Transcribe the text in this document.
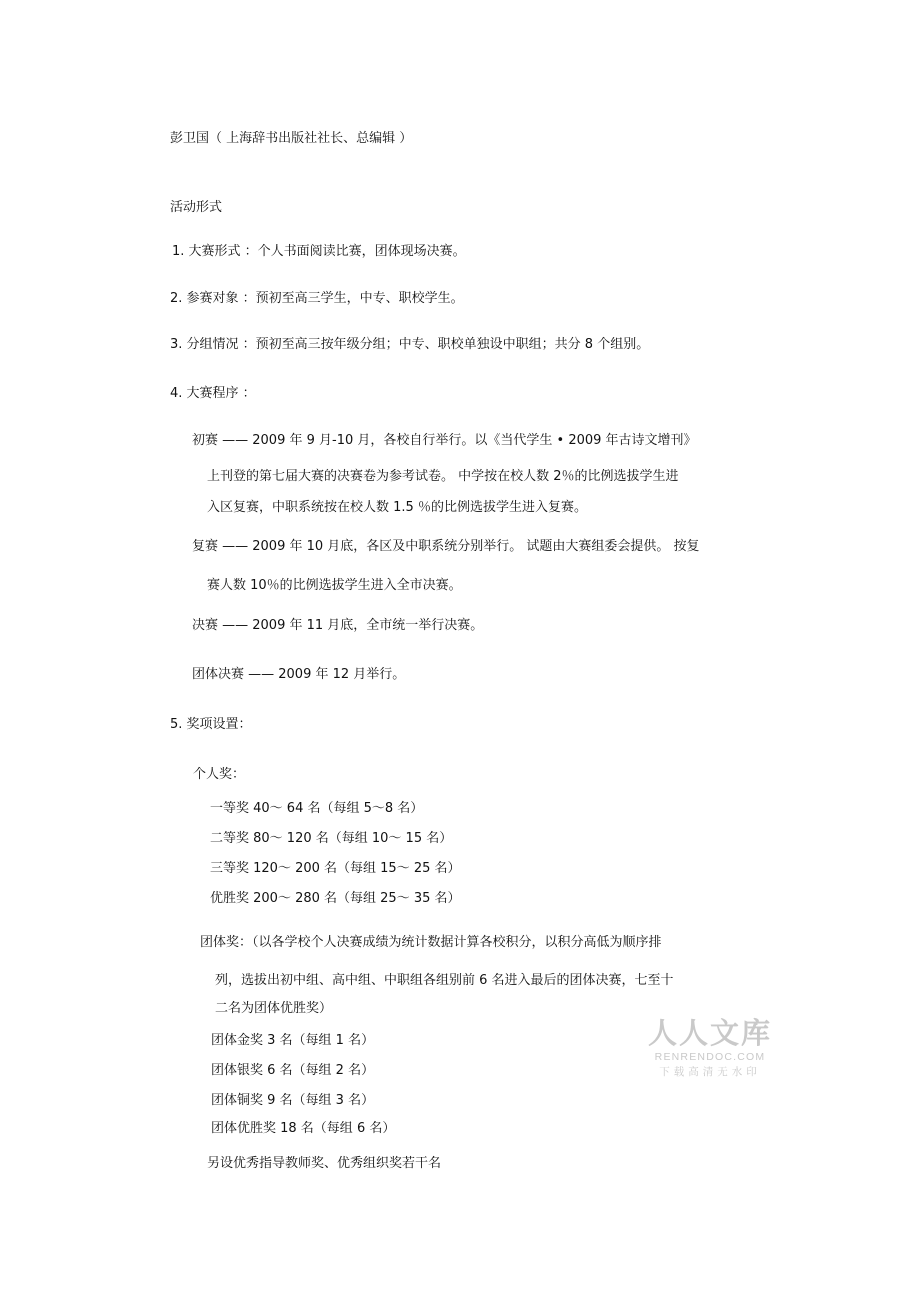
彭卫国（ 上海辞书出版社社长、总编辑 ）
活动形式
1. 大赛形式 ：个人书面阅读比赛，团体现场决赛。
2. 参赛对象 ：预初至高三学生，中专、职校学生。
3. 分组情况 ：预初至高三按年级分组；中专、职校单独设中职组；共分 8 个组别。
4. 大赛程序 ：
初赛 —— 2009 年 9 月-10 月，各校自行举行。以《当代学生 • 2009 年古诗文增刊》
上刊登的第七届大赛的决赛卷为参考试卷。 中学按在校人数 2％的比例选拔学生进
入区复赛，中职系统按在校人数 1.5 ％的比例选拔学生进入复赛。
复赛 —— 2009 年 10 月底，各区及中职系统分别举行。 试题由大赛组委会提供。 按复
赛人数 10％的比例选拔学生进入全市决赛。
决赛 —— 2009 年 11 月底，全市统一举行决赛。
团体决赛 —— 2009 年 12 月举行。
5. 奖项设置：
个人奖：
一等奖 40～ 64 名（每组 5～8 名）
二等奖 80～ 120 名（每组 10～ 15 名）
三等奖 120～ 200 名（每组 15～ 25 名）
优胜奖 200～ 280 名（每组 25～ 35 名）
团体奖：（以各学校个人决赛成绩为统计数据计算各校积分，以积分高低为顺序排
列，选拔出初中组、高中组、中职组各组别前 6 名进入最后的团体决赛，七至十
二名为团体优胜奖）
团体金奖 3 名（每组 1 名）
团体银奖 6 名（每组 2 名）
团体铜奖 9 名（每组 3 名）
团体优胜奖 18 名（每组 6 名）
另设优秀指导教师奖、优秀组织奖若干名
人人文库
RENRENDOC.COM
下载高清无水印
